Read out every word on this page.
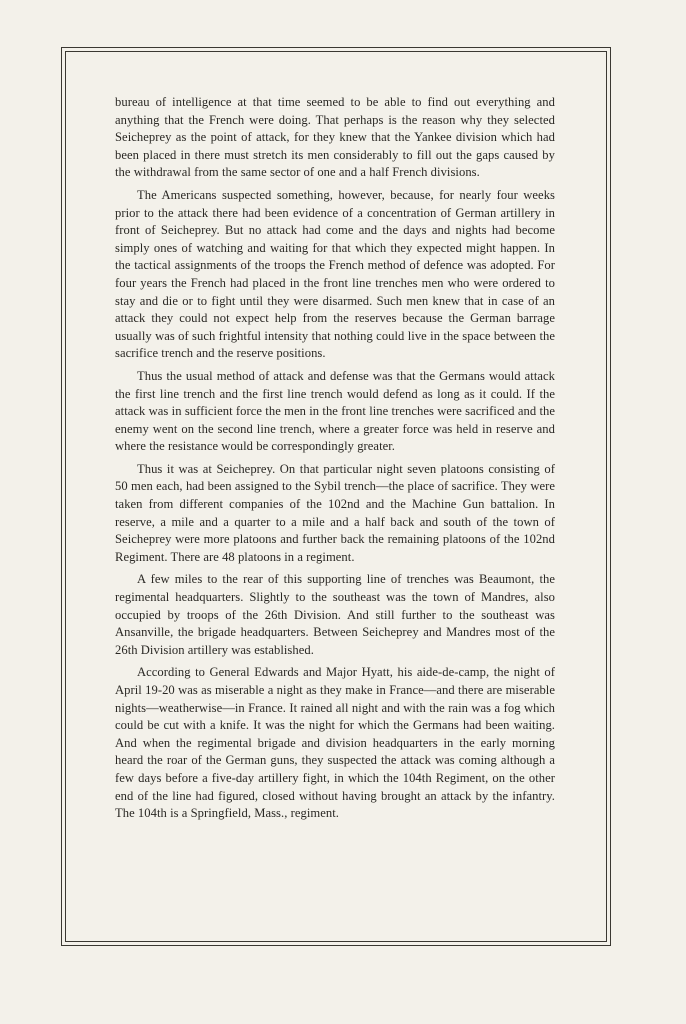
bureau of intelligence at that time seemed to be able to find out everything and anything that the French were doing. That perhaps is the reason why they selected Seicheprey as the point of attack, for they knew that the Yankee division which had been placed in there must stretch its men considerably to fill out the gaps caused by the withdrawal from the same sector of one and a half French divisions.

The Americans suspected something, however, because, for nearly four weeks prior to the attack there had been evidence of a concentration of German artillery in front of Seicheprey. But no attack had come and the days and nights had become simply ones of watching and waiting for that which they expected might happen. In the tactical assignments of the troops the French method of defence was adopted. For four years the French had placed in the front line trenches men who were ordered to stay and die or to fight until they were disarmed. Such men knew that in case of an attack they could not expect help from the reserves because the German barrage usually was of such frightful intensity that nothing could live in the space between the sacrifice trench and the reserve positions.

Thus the usual method of attack and defense was that the Germans would attack the first line trench and the first line trench would defend as long as it could. If the attack was in sufficient force the men in the front line trenches were sacrificed and the enemy went on the second line trench, where a greater force was held in reserve and where the resistance would be correspondingly greater.

Thus it was at Seicheprey. On that particular night seven platoons consisting of 50 men each, had been assigned to the Sybil trench—the place of sacrifice. They were taken from different companies of the 102nd and the Machine Gun battalion. In reserve, a mile and a quarter to a mile and a half back and south of the town of Seicheprey were more platoons and further back the remaining platoons of the 102nd Regiment. There are 48 platoons in a regiment.

A few miles to the rear of this supporting line of trenches was Beaumont, the regimental headquarters. Slightly to the southeast was the town of Mandres, also occupied by troops of the 26th Division. And still further to the southeast was Ansanville, the brigade headquarters. Between Seicheprey and Mandres most of the 26th Division artillery was established.

According to General Edwards and Major Hyatt, his aide-de-camp, the night of April 19-20 was as miserable a night as they make in France—and there are miserable nights—weatherwise—in France. It rained all night and with the rain was a fog which could be cut with a knife. It was the night for which the Germans had been waiting. And when the regimental brigade and division headquarters in the early morning heard the roar of the German guns, they suspected the attack was coming although a few days before a five-day artillery fight, in which the 104th Regiment, on the other end of the line had figured, closed without having brought an attack by the infantry. The 104th is a Springfield, Mass., regiment.
